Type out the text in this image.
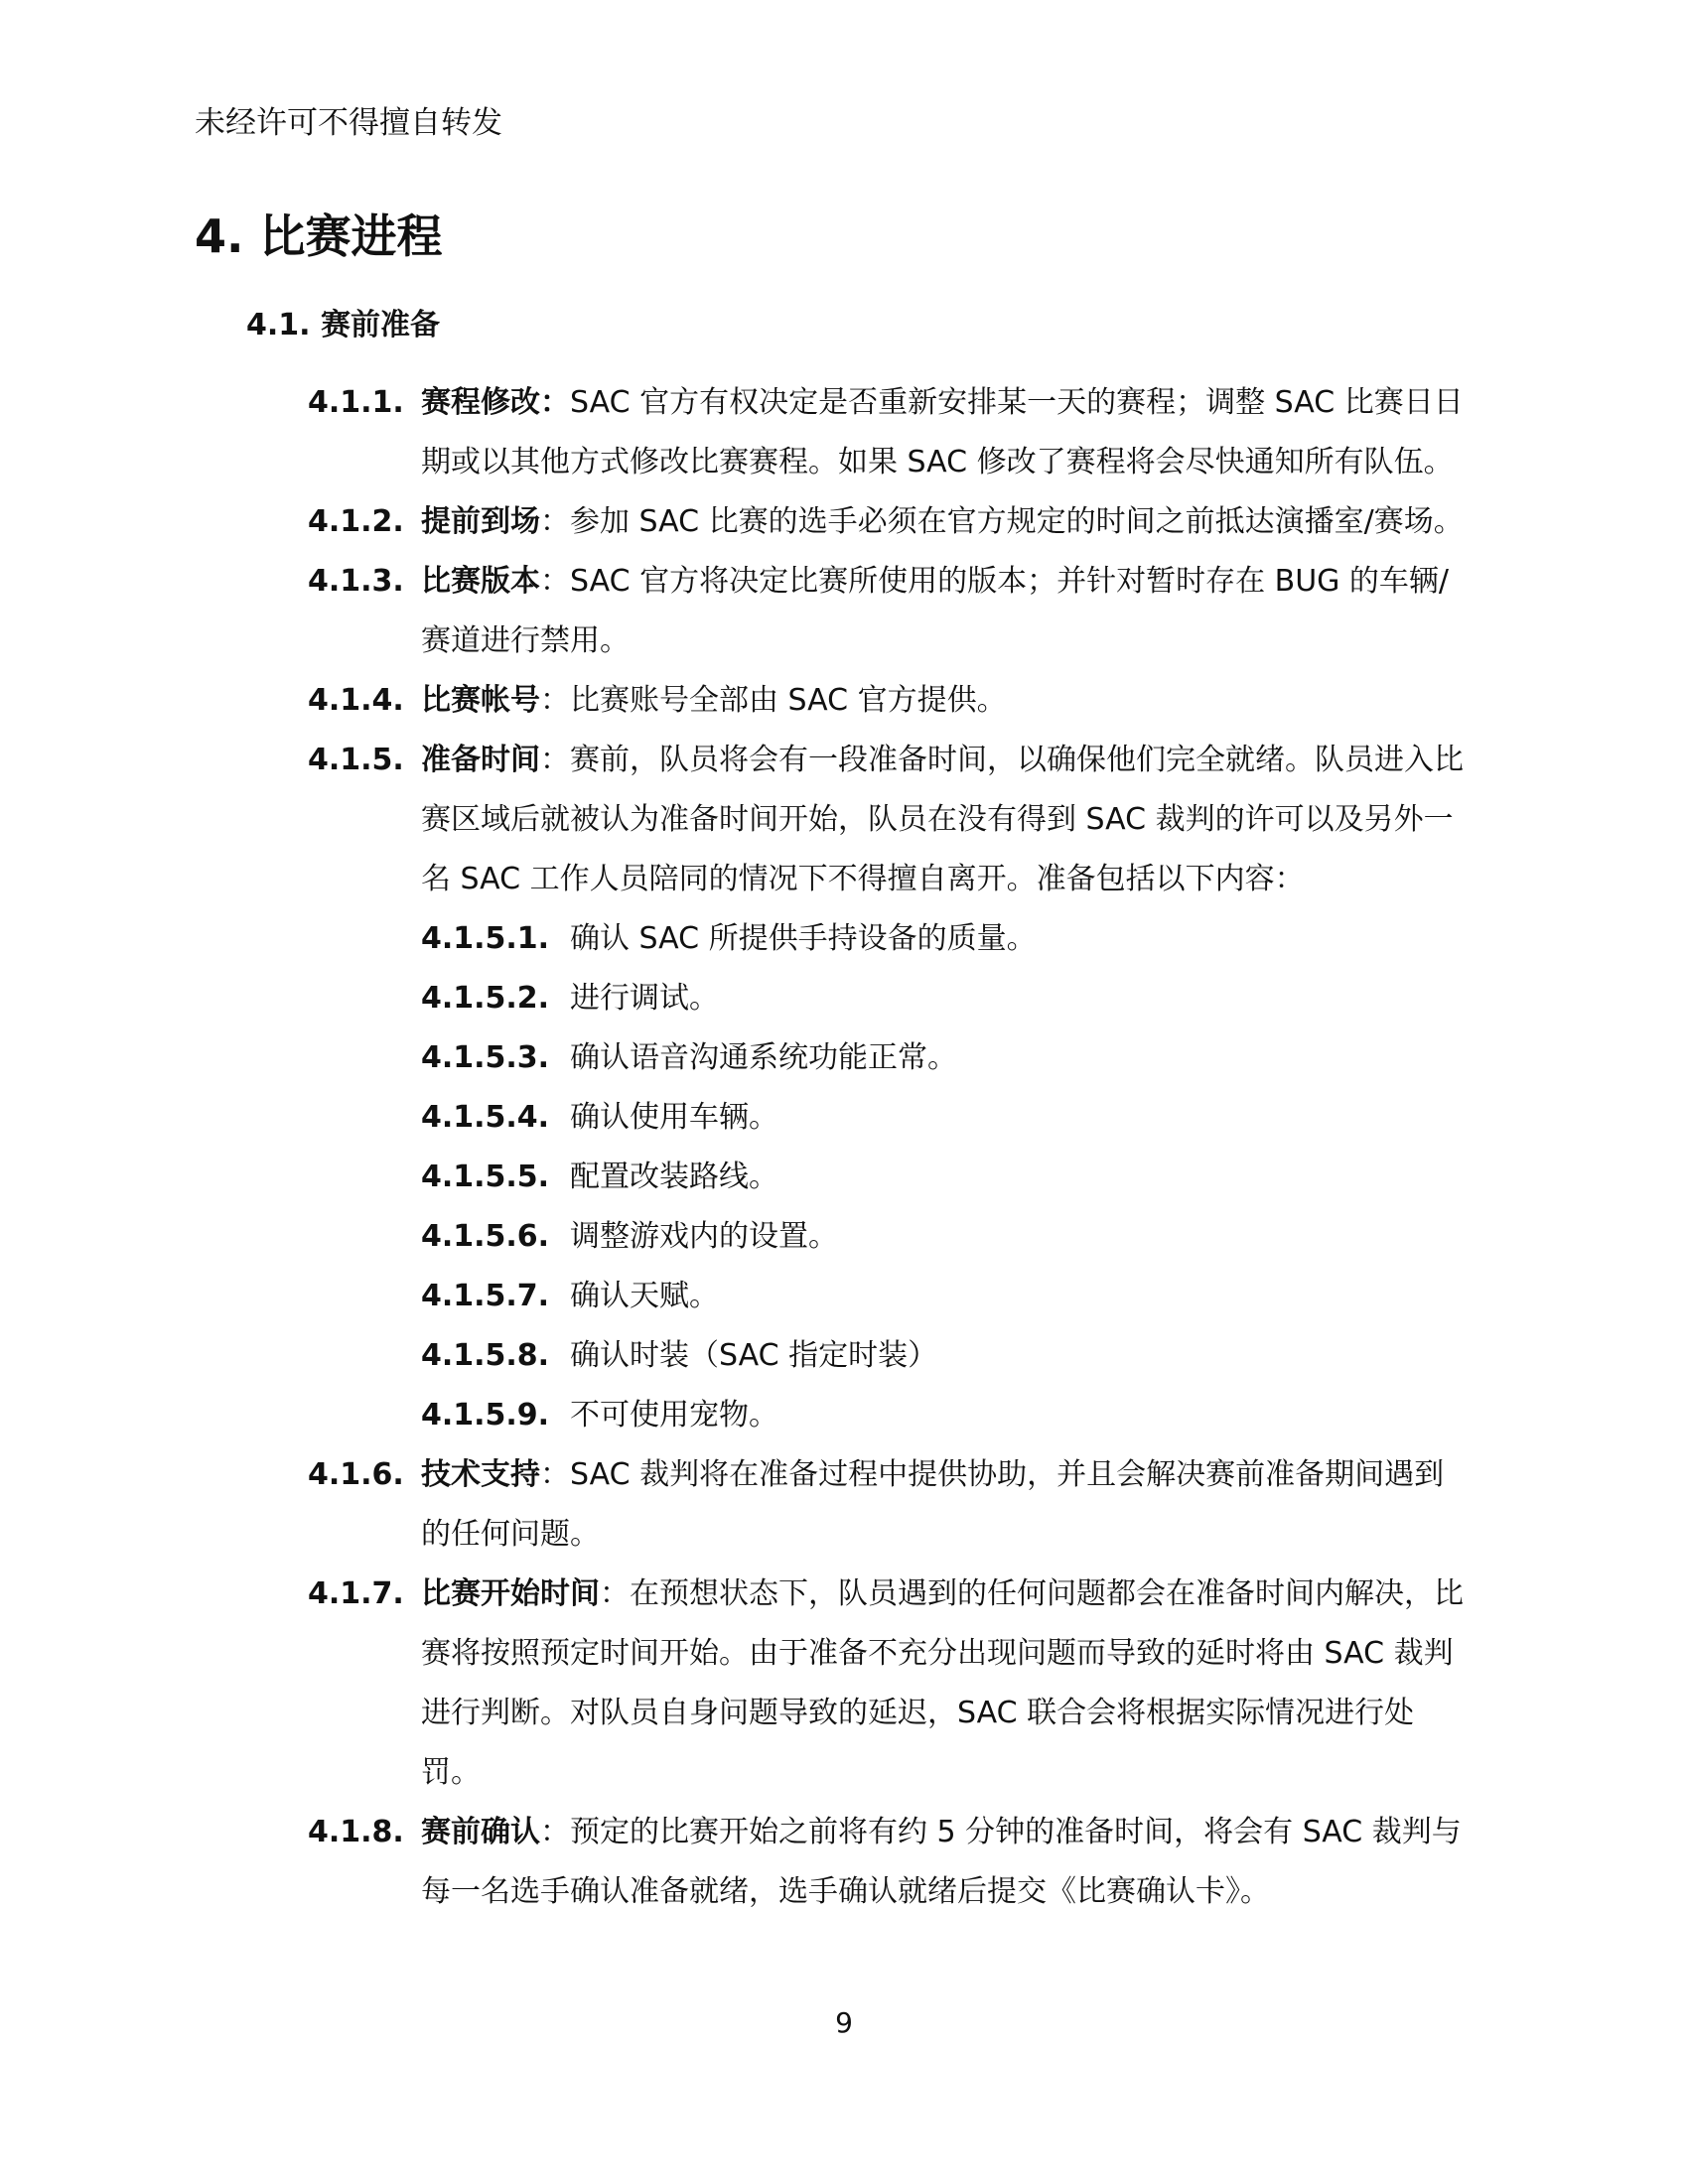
未经许可不得擅自转发
4. 比赛进程
4.1. 赛前准备
4.1.1. 赛程修改：SAC 官方有权决定是否重新安排某一天的赛程；调整 SAC 比赛日日
期或以其他方式修改比赛赛程。如果 SAC 修改了赛程将会尽快通知所有队伍。
4.1.2. 提前到场：参加 SAC 比赛的选手必须在官方规定的时间之前抵达演播室/赛场。
4.1.3. 比赛版本：SAC 官方将决定比赛所使用的版本；并针对暂时存在 BUG 的车辆/
赛道进行禁用。
4.1.4. 比赛帐号：比赛账号全部由 SAC 官方提供。
4.1.5. 准备时间：赛前，队员将会有一段准备时间，以确保他们完全就绪。队员进入比
赛区域后就被认为准备时间开始，队员在没有得到 SAC 裁判的许可以及另外一
名 SAC 工作人员陪同的情况下不得擅自离开。准备包括以下内容：
4.1.5.1. 确认 SAC 所提供手持设备的质量。
4.1.5.2. 进行调试。
4.1.5.3. 确认语音沟通系统功能正常。
4.1.5.4. 确认使用车辆。
4.1.5.5. 配置改装路线。
4.1.5.6. 调整游戏内的设置。
4.1.5.7. 确认天赋。
4.1.5.8. 确认时装（SAC 指定时装）
4.1.5.9. 不可使用宠物。
4.1.6. 技术支持：SAC 裁判将在准备过程中提供协助，并且会解决赛前准备期间遇到
的任何问题。
4.1.7. 比赛开始时间：在预想状态下，队员遇到的任何问题都会在准备时间内解决，比
赛将按照预定时间开始。由于准备不充分出现问题而导致的延时将由 SAC 裁判
进行判断。对队员自身问题导致的延迟，SAC 联合会将根据实际情况进行处
罚。
4.1.8. 赛前确认：预定的比赛开始之前将有约 5 分钟的准备时间，将会有 SAC 裁判与
每一名选手确认准备就绪，选手确认就绪后提交《比赛确认卡》。
9
